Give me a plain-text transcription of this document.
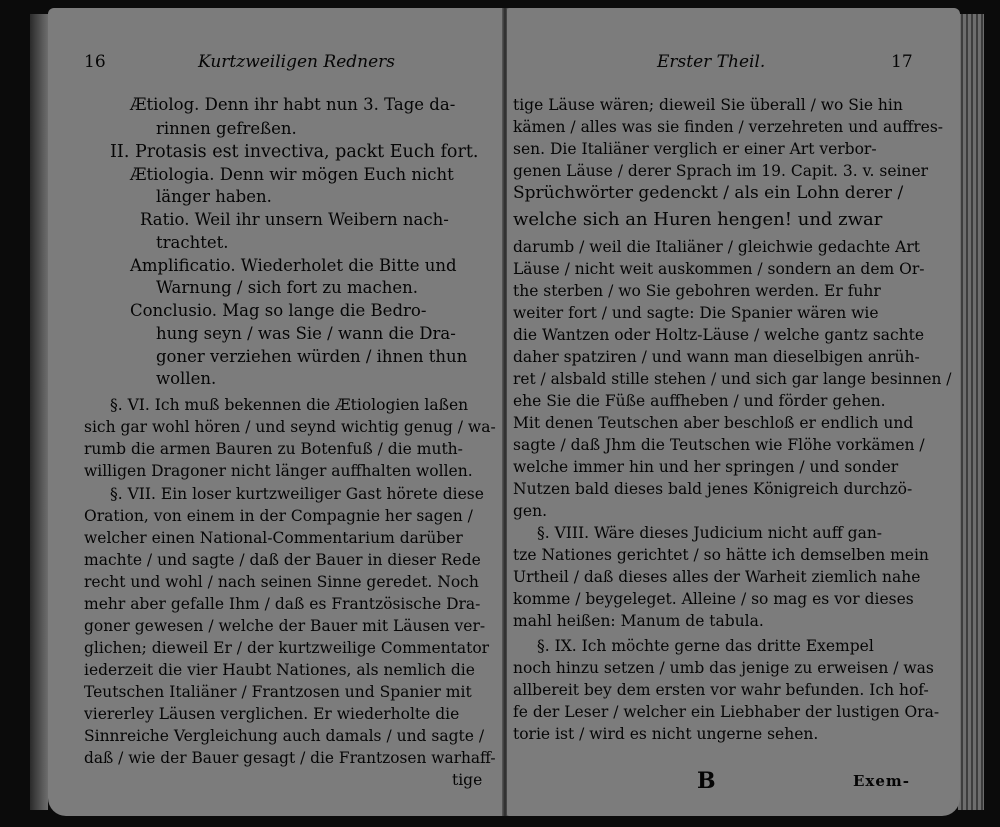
16	Kurtzweiligen Redners
Ætiolog. Denn ihr habt nun 3. Tage da-
rinnen gefreßen.
II. Protasis est invectiva, packt Euch fort.
Ætiologia. Denn wir mögen Euch nicht
länger haben.
Ratio. Weil ihr unsern Weibern nach-
trachtet.
Amplificatio. Wiederholet die Bitte und
Warnung / sich fort zu machen.
Conclusio. Mag so lange die Bedro-
hung seyn / was Sie / wann die Dra-
goner verziehen würden / ihnen thun
wollen.
§. VI. Ich muß bekennen die Ætiologien laßen
sich gar wohl hören / und seynd wichtig genug / wa-
rumb die armen Bauren zu Botenfuß / die muth-
willigen Dragoner nicht länger auffhalten wollen.
§. VII. Ein loser kurtzweiliger Gast hörete diese
Oration, von einem in der Compagnie her sagen /
welcher einen National-Commentarium darüber
machte / und sagte / daß der Bauer in dieser Rede
recht und wohl / nach seinen Sinne geredet. Noch
mehr aber gefalle Ihm / daß es Frantzösische Dra-
goner gewesen / welche der Bauer mit Läusen ver-
glichen; dieweil Er / der kurtzweilige Commentator
iederzeit die vier Haubt Nationes, als nemlich die
Teutschen Italiäner / Frantzosen und Spanier mit
viererley Läusen verglichen. Er wiederholte die
Sinnreiche Vergleichung auch damals / und sagte /
daß / wie der Bauer gesagt / die Frantzosen warhaff-
tige
Erster Theil.	17
tige Läuse wären; dieweil Sie überall / wo Sie hin
kämen / alles was sie finden / verzehreten und auffres-
sen. Die Italiäner verglich er einer Art verbor-
genen Läuse / derer Sprach im 19. Capit. 3. v. seiner
Sprüchwörter gedenckt / als ein Lohn derer /
welche sich an Huren hengen! und zwar
darumb / weil die Italiäner / gleichwie gedachte Art
Läuse / nicht weit auskommen / sondern an dem Or-
the sterben / wo Sie gebohren werden. Er fuhr
weiter fort / und sagte: Die Spanier wären wie
die Wantzen oder Holtz-Läuse / welche gantz sachte
daher spatziren / und wann man dieselbigen anrüh-
ret / alsbald stille stehen / und sich gar lange besinnen /
ehe Sie die Füße auffheben / und förder gehen.
Mit denen Teutschen aber beschloß er endlich und
sagte / daß Jhm die Teutschen wie Flöhe vorkämen /
welche immer hin und her springen / und sonder
Nutzen bald dieses bald jenes Königreich durchzö-
gen.
§. VIII. Wäre dieses Judicium nicht auff gan-
tze Nationes gerichtet / so hätte ich demselben mein
Urtheil / daß dieses alles der Warheit ziemlich nahe
komme / beygeleget. Alleine / so mag es vor dieses
mahl heißen: Manum de tabula.
§. IX. Ich möchte gerne das dritte Exempel
noch hinzu setzen / umb das jenige zu erweisen / was
allbereit bey dem ersten vor wahr befunden. Ich hof-
fe der Leser / welcher ein Liebhaber der lustigen Ora-
torie ist / wird es nicht ungerne sehen.
B	Exem-
